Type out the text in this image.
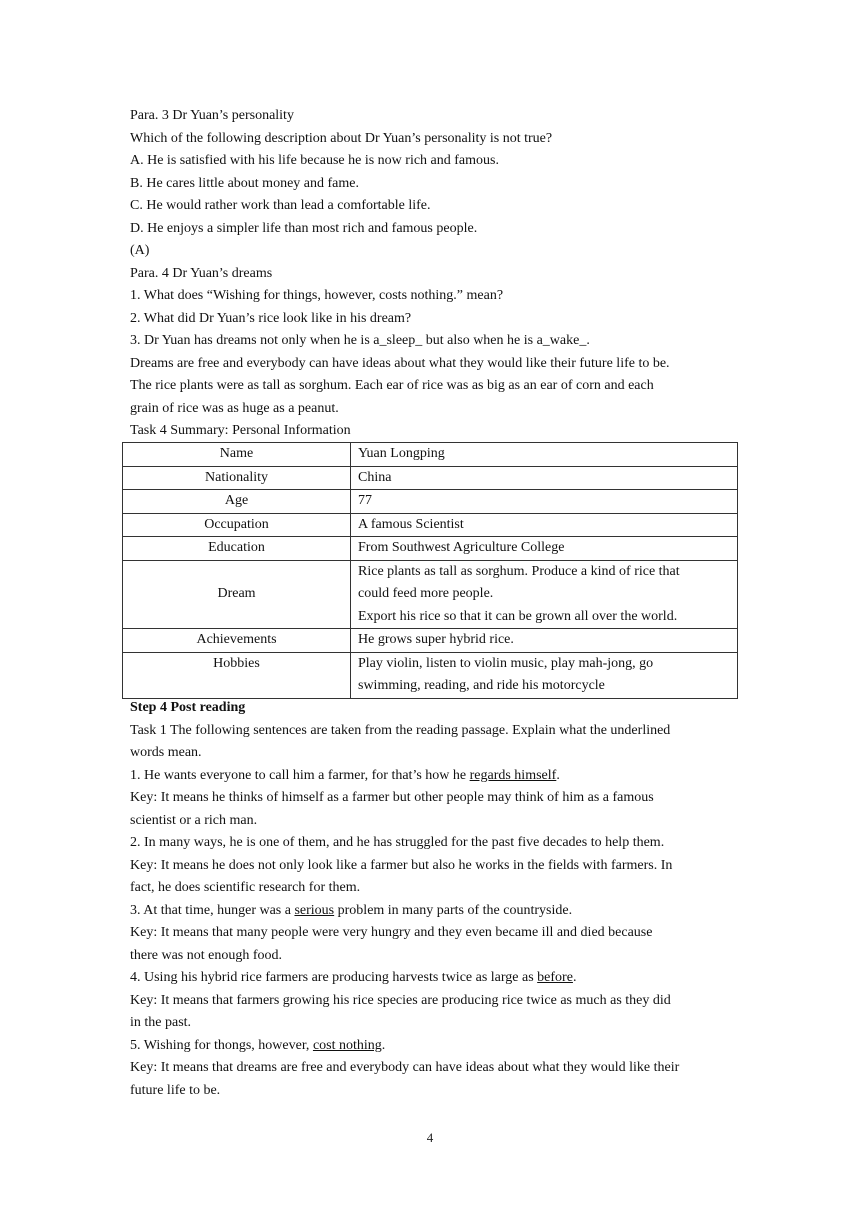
Para. 3 Dr Yuan’s personality

Which of the following description about Dr Yuan’s personality is not true?

A. He is satisfied with his life because he is now rich and famous.

B. He cares little about money and fame.

C. He would rather work than lead a comfortable life.

D. He enjoys a simpler life than most rich and famous people.

(A)

Para. 4 Dr Yuan’s dreams

1. What does “Wishing for things, however, costs nothing.” mean?

2. What did Dr Yuan’s rice look like in his dream?

3. Dr Yuan has dreams not only when he is a_sleep_ but also when he is a_wake_.

Dreams are free and everybody can have ideas about what they would like their future life to be.

The rice plants were as tall as sorghum. Each ear of rice was as big as an ear of corn and each

grain of rice was as huge as a peanut.

Task 4 Summary: Personal Information

Name	Yuan Longping
Nationality	China
Age	77
Occupation	A famous Scientist
Education	From Southwest Agriculture College
Dream	Rice plants as tall as sorghum. Produce a kind of rice that
could feed more people.
Export his rice so that it can be grown all over the world.

Achievements	He grows super hybrid rice.
Hobbies	Play violin, listen to violin music, play mah-jong, go
swimming, reading, and ride his motorcycle

Step 4 Post reading

Task 1 The following sentences are taken from the reading passage. Explain what the underlined

words mean.

1. He wants everyone to call him a farmer, for that’s how he regards himself.

Key: It means he thinks of himself as a farmer but other people may think of him as a famous

scientist or a rich man.

2. In many ways, he is one of them, and he has struggled for the past five decades to help them.

Key: It means he does not only look like a farmer but also he works in the fields with farmers. In

fact, he does scientific research for them.

3. At that time, hunger was a serious problem in many parts of the countryside.

Key: It means that many people were very hungry and they even became ill and died because

there was not enough food.

4. Using his hybrid rice farmers are producing harvests twice as large as before.

Key: It means that farmers growing his rice species are producing rice twice as much as they did

in the past.

5. Wishing for thongs, however, cost nothing.

Key: It means that dreams are free and everybody can have ideas about what they would like their

future life to be.

4
